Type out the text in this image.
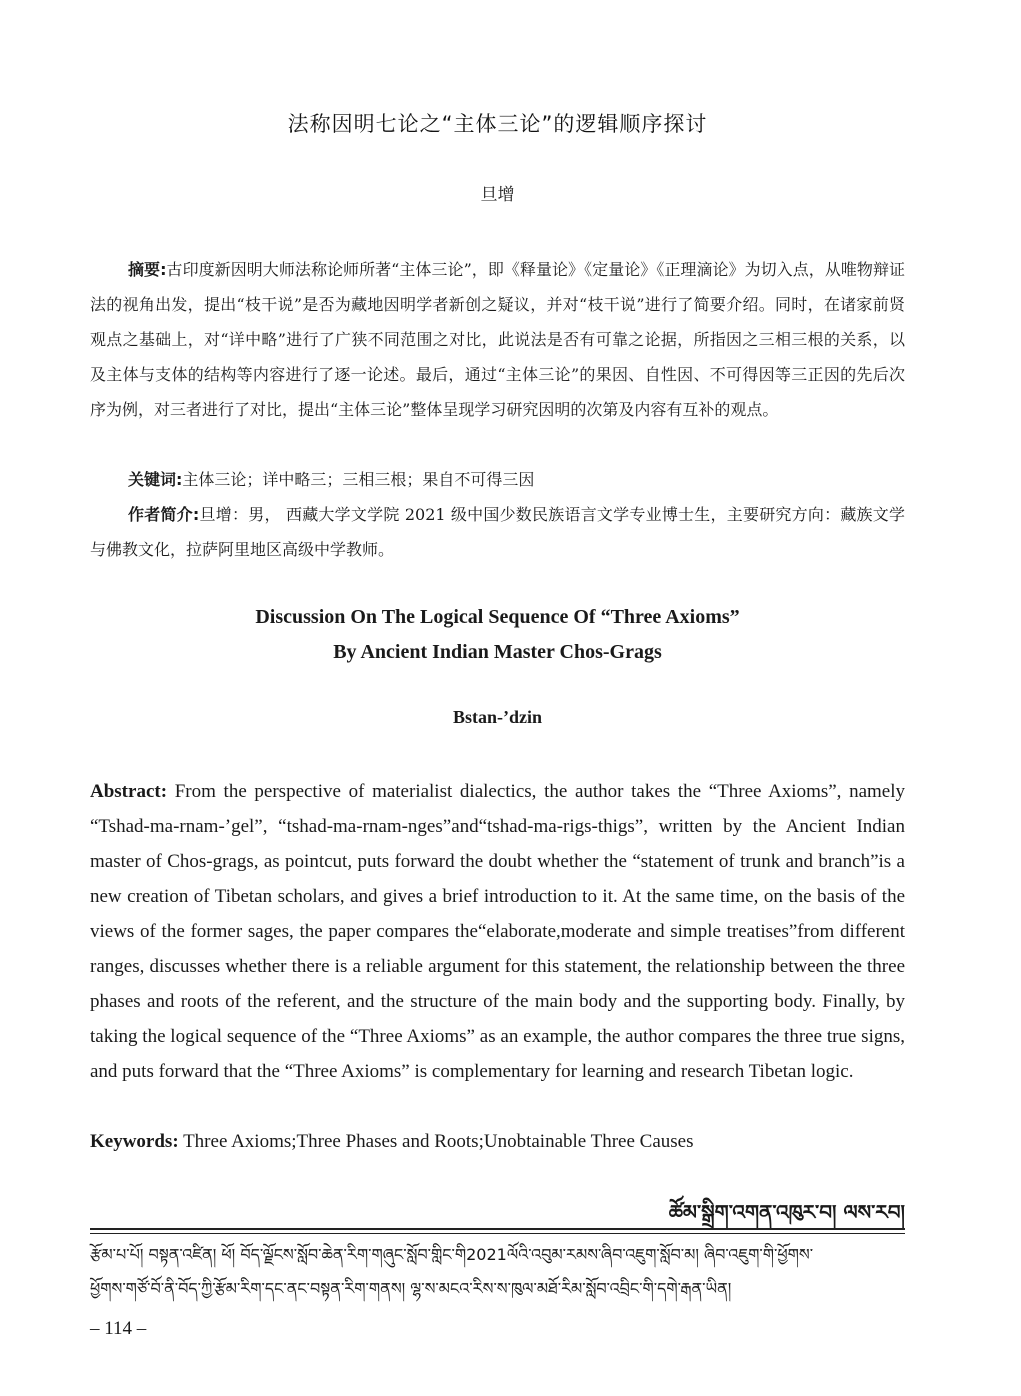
法称因明七论之“主体三论”的逻辑顺序探讨
旦增
摘要:古印度新因明大师法称论师所著“主体三论”，即《释量论》《定量论》《正理滴论》为切入点，从唯物辩证法的视角出发，提出“枝干说”是否为藏地因明学者新创之疑议，并对“枝干说”进行了简要介绍。同时，在诸家前贤观点之基础上，对“详中略”进行了广狭不同范围之对比，此说法是否有可靠之论据，所指因之三相三根的关系，以及主体与支体的结构等内容进行了逐一论述。最后，通过“主体三论”的果因、自性因、不可得因等三正因的先后次序为例，对三者进行了对比，提出“主体三论”整体呈现学习研究因明的次第及内容有互补的观点。
关键词:主体三论；详中略三；三相三根；果自不可得三因
作者简介:旦增：男， 西藏大学文学院 2021 级中国少数民族语言文学专业博士生，主要研究方向：藏族文学与佛教文化，拉萨阿里地区高级中学教师。
Discussion On The Logical Sequence Of “Three Axioms”
By Ancient Indian Master Chos-Grags
Bstan-’dzin
Abstract: From the perspective of materialist dialectics, the author takes the “Three Axioms”, namely “Tshad-ma-rnam-’gel”, “tshad-ma-rnam-nges”and“tshad-ma-rigs-thigs”, written by the Ancient Indian master of Chos-grags, as pointcut, puts forward the doubt whether the “statement of trunk and branch”is a new creation of Tibetan scholars, and gives a brief introduction to it. At the same time, on the basis of the views of the former sages, the paper compares the“elaborate,moderate and simple treatises”from different ranges, discusses whether there is a reliable argument for this statement, the relationship between the three phases and roots of the referent, and the structure of the main body and the supporting body. Finally, by taking the logical sequence of the “Three Axioms” as an example, the author compares the three true signs, and puts forward that the “Three Axioms” is complementary for learning and research Tibetan logic.
Keywords: Three Axioms;Three Phases and Roots;Unobtainable Three Causes
ཚོམ་སྒྲིག་འགན་འཁུར་བ། ལས་རབ།
རྩོམ་པ་པོ། བསྟན་འཛིན། ཕོ། བོད་ལྗོངས་སློབ་ཆེན་རིག་གཞུང་སློབ་གླིང་གི2021ལོའི་འབུམ་རམས་ཞིབ་འཇུག་སློབ་མ། ཞིབ་འཇུག་གི་ཕྱོགས་
ཕྱོགས་གཙོ་བོ་ནི་བོད་ཀྱི་རྩོམ་རིག་དང་ནང་བསྟན་རིག་གནས། ལྷ་ས་མངའ་རིས་ས་ཁུལ་མཐོ་རིམ་སློབ་འབྲིང་གི་དགེ་རྒན་ཡིན།
– 114 –
